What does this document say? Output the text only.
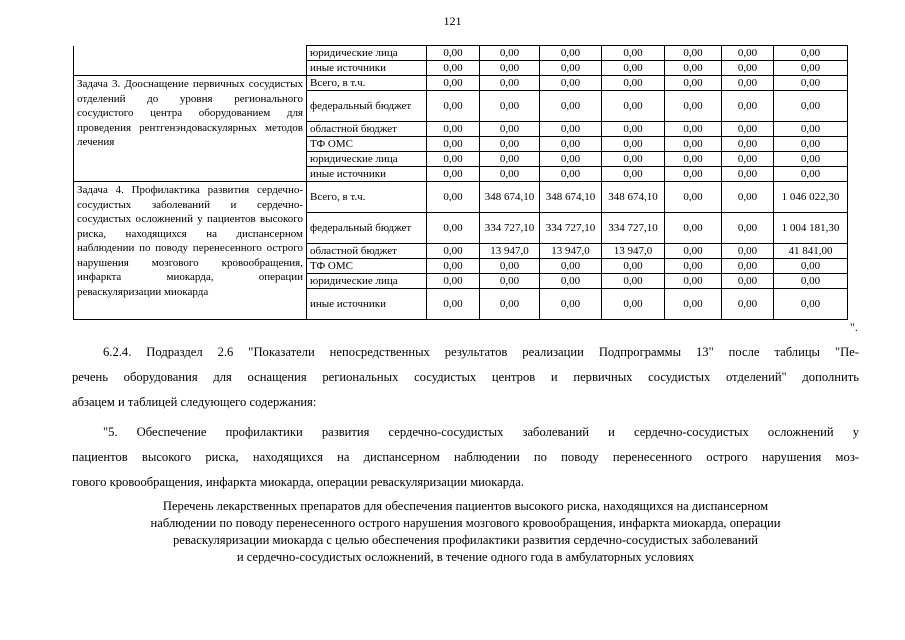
121
	юридические лица	0,00	0,00	0,00	0,00	0,00	0,00	0,00
	иные источники	0,00	0,00	0,00	0,00	0,00	0,00	0,00
Задача 3. Дооснащение первичных сосудистых отделений до уровня регионального сосудистого центра оборудованием для проведения рентгенэндоваскулярных методов лечения	Всего, в т.ч.	0,00	0,00	0,00	0,00	0,00	0,00	0,00
	федеральный бюджет	0,00	0,00	0,00	0,00	0,00	0,00	0,00
	областной бюджет	0,00	0,00	0,00	0,00	0,00	0,00	0,00
	ТФ ОМС	0,00	0,00	0,00	0,00	0,00	0,00	0,00
	юридические лица	0,00	0,00	0,00	0,00	0,00	0,00	0,00
	иные источники	0,00	0,00	0,00	0,00	0,00	0,00	0,00
Задача 4. Профилактика развития сердечно-сосудистых заболеваний и сердечно-сосудистых осложнений у пациентов высокого риска, находящихся на диспансерном наблюдении по поводу перенесенного острого нарушения мозгового кровообращения, инфаркта миокарда, операции реваскуляризации миокарда	Всего, в т.ч.	0,00	348 674,10	348 674,10	348 674,10	0,00	0,00	1 046 022,30
	федеральный бюджет	0,00	334 727,10	334 727,10	334 727,10	0,00	0,00	1 004 181,30
	областной бюджет	0,00	13 947,0	13 947,0	13 947,0	0,00	0,00	41 841,00
	ТФ ОМС	0,00	0,00	0,00	0,00	0,00	0,00	0,00
	юридические лица	0,00	0,00	0,00	0,00	0,00	0,00	0,00
	иные источники	0,00	0,00	0,00	0,00	0,00	0,00	0,00
".
6.2.4. Подраздел 2.6 "Показатели непосредственных результатов реализации Подпрограммы 13" после таблицы "Пе-
речень оборудования для оснащения региональных сосудистых центров и первичных сосудистых отделений" дополнить
абзацем и таблицей следующего содержания:
"5. Обеспечение профилактики развития сердечно-сосудистых заболеваний и сердечно-сосудистых осложнений у
пациентов высокого риска, находящихся на диспансерном наблюдении по поводу перенесенного острого нарушения моз-
гового кровообращения, инфаркта миокарда, операции реваскуляризации миокарда.
Перечень лекарственных препаратов для обеспечения пациентов высокого риска, находящихся на диспансерном
наблюдении по поводу перенесенного острого нарушения мозгового кровообращения, инфаркта миокарда, операции
реваскуляризации миокарда с целью обеспечения профилактики развития сердечно-сосудистых заболеваний
и сердечно-сосудистых осложнений, в течение одного года в амбулаторных условиях
